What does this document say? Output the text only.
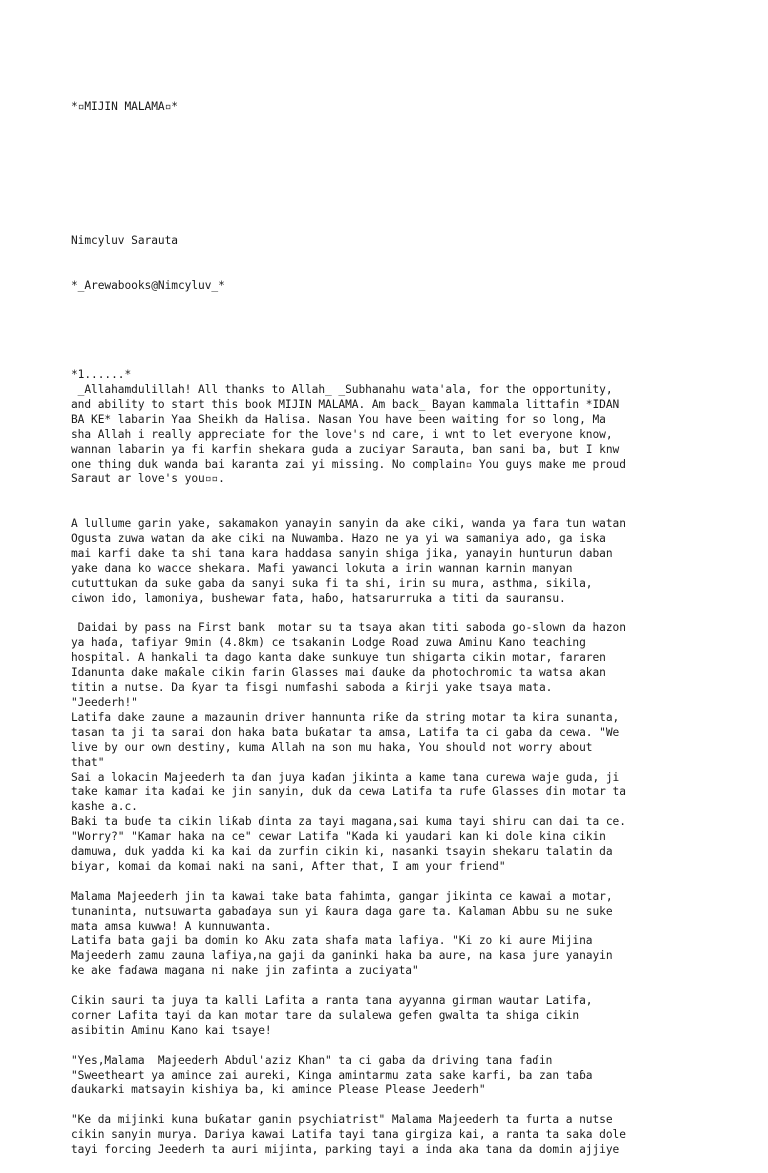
*▫MIJIN MALAMA▫*

Nimcyluv Sarauta

*_Arewabooks@Nimcyluv_*

*1......*
_Allahamdulillah! All thanks to Allah_ _Subhanahu wata'ala, for the opportunity,
and ability to start this book MIJIN MALAMA. Am back_ Bayan kammala littafin *IDAN
BA KE* labarin Yaa Sheikh da Halisa. Nasan You have been waiting for so long, Ma
sha Allah i really appreciate for the love's nd care, i wnt to let everyone know,
wannan labarin ya fi karfin shekara guda a zuciyar Sarauta, ban sani ba, but I knw
one thing duk wanda bai karanta zai yi missing. No complain▫ You guys make me proud
Saraut ar love's you▫▫.
A lullume garin yake, sakamakon yanayin sanyin da ake ciki, wanda ya fara tun watan
Ogusta zuwa watan da ake ciki na Nuwamba. Hazo ne ya yi wa samaniya ado, ga iska
mai karfi dake ta shi tana kara haddasa sanyin shiga jika, yanayin hunturun daban
yake dana ko wacce shekara. Mafi yawanci lokuta a irin wannan karnin manyan
cututtukan da suke gaba da sanyi suka fi ta shi, irin su mura, asthma, sikila,
ciwon ido, lamoniya, bushewar fata, haɓo, hatsarurruka a titi da sauransu.
Daidai by pass na First bank  motar su ta tsaya akan titi saboda go-slown da hazon
ya haɗa, tafiyar 9min (4.8km) ce tsakanin Lodge Road zuwa Aminu Kano teaching
hospital. A hankali ta dago kanta dake sunkuye tun shigarta cikin motar, fararen
Idanunta dake maƙale cikin farin Glasses mai ɗauke da photochromic ta watsa akan
titin a nutse. Da ƙyar ta fisgi numfashi saboda a ƙirji yake tsaya mata.
"Jeederh!"
Latifa dake zaune a mazaunin driver hannunta riƙe da string motar ta kira sunanta,
tasan ta ji ta sarai don haka bata buƙatar ta amsa, Latifa ta ci gaba da cewa. "We
live by our own destiny, kuma Allah na son mu haka, You should not worry about
that"
Sai a lokacin Majeederh ta ɗan juya kaɗan jikinta a kame tana curewa waje guda, ji
take kamar ita kaɗai ke jin sanyin, duk da cewa Latifa ta rufe Glasses ɗin motar ta
kashe a.c.
Baki ta buɗe ta cikin liƙab ɗinta za tayi magana,sai kuma tayi shiru can dai ta ce.
"Worry?" "Kamar haka na ce" cewar Latifa "Kada ki yaudari kan ki dole kina cikin
damuwa, duk yadda ki ka kai da zurfin cikin ki, nasanki tsayin shekaru talatin da
biyar, komai da komai naki na sani, After that, I am your friend"
Malama Majeederh jin ta kawai take bata fahimta, gangar jikinta ce kawai a motar,
tunaninta, nutsuwarta gabaɗaya sun yi ƙaura daga gare ta. Kalaman Abbu su ne suke
mata amsa kuwwa! A kunnuwanta.
Latifa bata gaji ba domin ko Aku zata shafa mata lafiya. "Ki zo ki aure Mijina
Majeederh zamu zauna lafiya,na gaji da ganinki haka ba aure, na kasa jure yanayin
ke ake faɗawa magana ni nake jin zafinta a zuciyata"
Cikin sauri ta juya ta kalli Lafita a ranta tana ayyanna girman wautar Latifa,
corner Lafita tayi da kan motar tare da sulalewa gefen gwalta ta shiga cikin
asibitin Aminu Kano kai tsaye!
"Yes,Malama  Majeederh Abdul'aziz Khan" ta ci gaba da driving tana faɗin
"Sweetheart ya amince zai aureki, Kinga amintarmu zata sake karfi, ba zan taɓa
ɗaukarki matsayin kishiya ba, ki amince Please Please Jeederh"
"Ke da mijinki kuna buƙatar ganin psychiatrist" Malama Majeederh ta furta a nutse
cikin sanyin murya. Dariya kawai Latifa tayi tana girgiza kai, a ranta ta saka dole
tayi forcing Jeederh ta auri mijinta, parking tayi a inda aka tana da domin ajjiye
